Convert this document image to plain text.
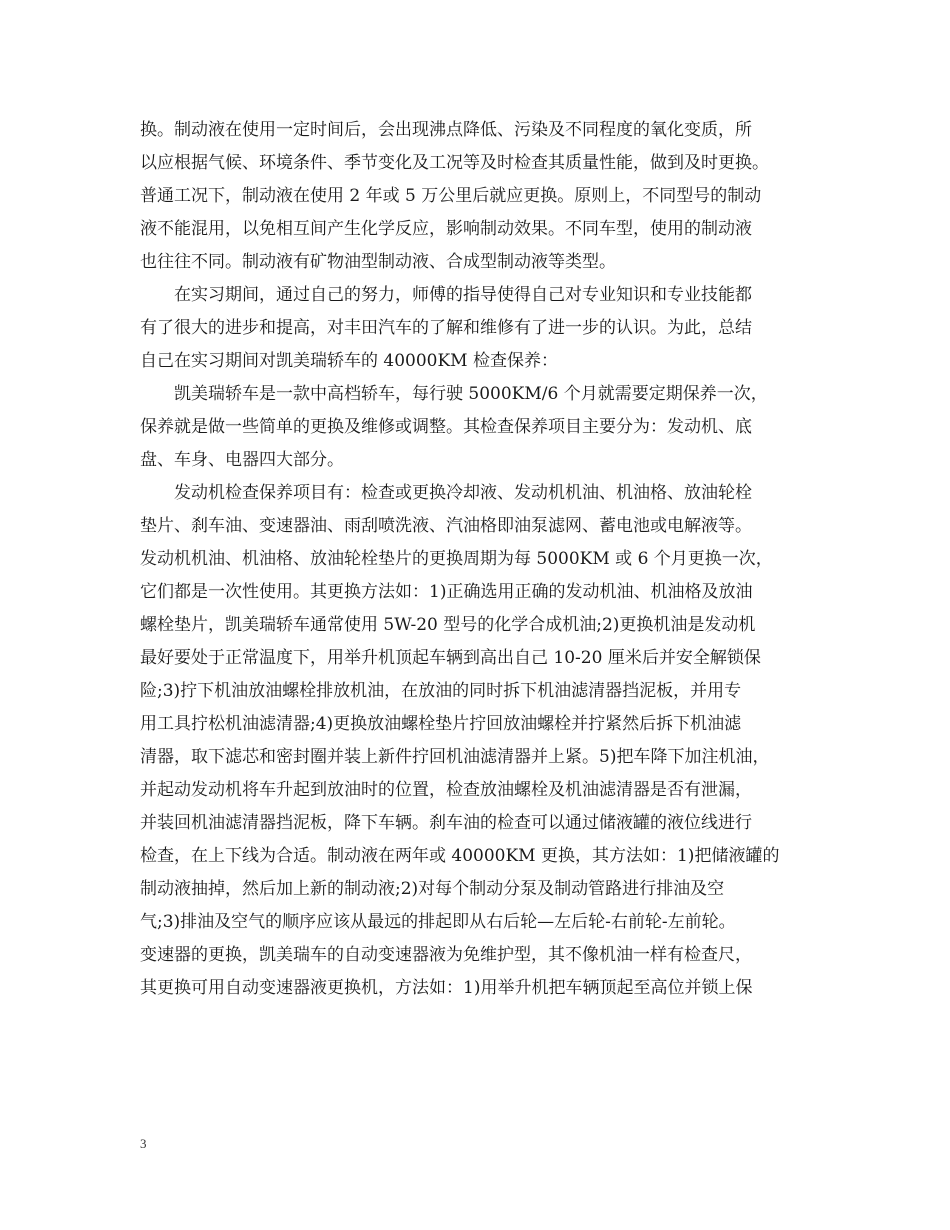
换。制动液在使用一定时间后，会出现沸点降低、污染及不同程度的氧化变质，所
以应根据气候、环境条件、季节变化及工况等及时检查其质量性能，做到及时更换。
普通工况下，制动液在使用 2 年或 5 万公里后就应更换。原则上，不同型号的制动
液不能混用，以免相互间产生化学反应，影响制动效果。不同车型，使用的制动液
也往往不同。制动液有矿物油型制动液、合成型制动液等类型。
在实习期间，通过自己的努力，师傅的指导使得自己对专业知识和专业技能都
有了很大的进步和提高，对丰田汽车的了解和维修有了进一步的认识。为此，总结
自己在实习期间对凯美瑞轿车的 40000KM 检查保养：
凯美瑞轿车是一款中高档轿车，每行驶 5000KM/6 个月就需要定期保养一次，
保养就是做一些简单的更换及维修或调整。其检查保养项目主要分为：发动机、底
盘、车身、电器四大部分。
发动机检查保养项目有：检查或更换冷却液、发动机机油、机油格、放油轮栓
垫片、刹车油、变速器油、雨刮喷洗液、汽油格即油泵滤网、蓄电池或电解液等。
发动机机油、机油格、放油轮栓垫片的更换周期为每 5000KM 或 6 个月更换一次，
它们都是一次性使用。其更换方法如：1)正确选用正确的发动机油、机油格及放油
螺栓垫片，凯美瑞轿车通常使用 5W-20 型号的化学合成机油;2)更换机油是发动机
最好要处于正常温度下，用举升机顶起车辆到高出自己 10-20 厘米后并安全解锁保
险;3)拧下机油放油螺栓排放机油，在放油的同时拆下机油滤清器挡泥板，并用专
用工具拧松机油滤清器;4)更换放油螺栓垫片拧回放油螺栓并拧紧然后拆下机油滤
清器，取下滤芯和密封圈并装上新件拧回机油滤清器并上紧。5)把车降下加注机油，
并起动发动机将车升起到放油时的位置，检查放油螺栓及机油滤清器是否有泄漏，
并装回机油滤清器挡泥板，降下车辆。刹车油的检查可以通过储液罐的液位线进行
检查，在上下线为合适。制动液在两年或 40000KM 更换，其方法如：1)把储液罐的
制动液抽掉，然后加上新的制动液;2)对每个制动分泵及制动管路进行排油及空
气;3)排油及空气的顺序应该从最远的排起即从右后轮—左后轮-右前轮-左前轮。
变速器的更换，凯美瑞车的自动变速器液为免维护型，其不像机油一样有检查尺，
其更换可用自动变速器液更换机，方法如：1)用举升机把车辆顶起至高位并锁上保
3
